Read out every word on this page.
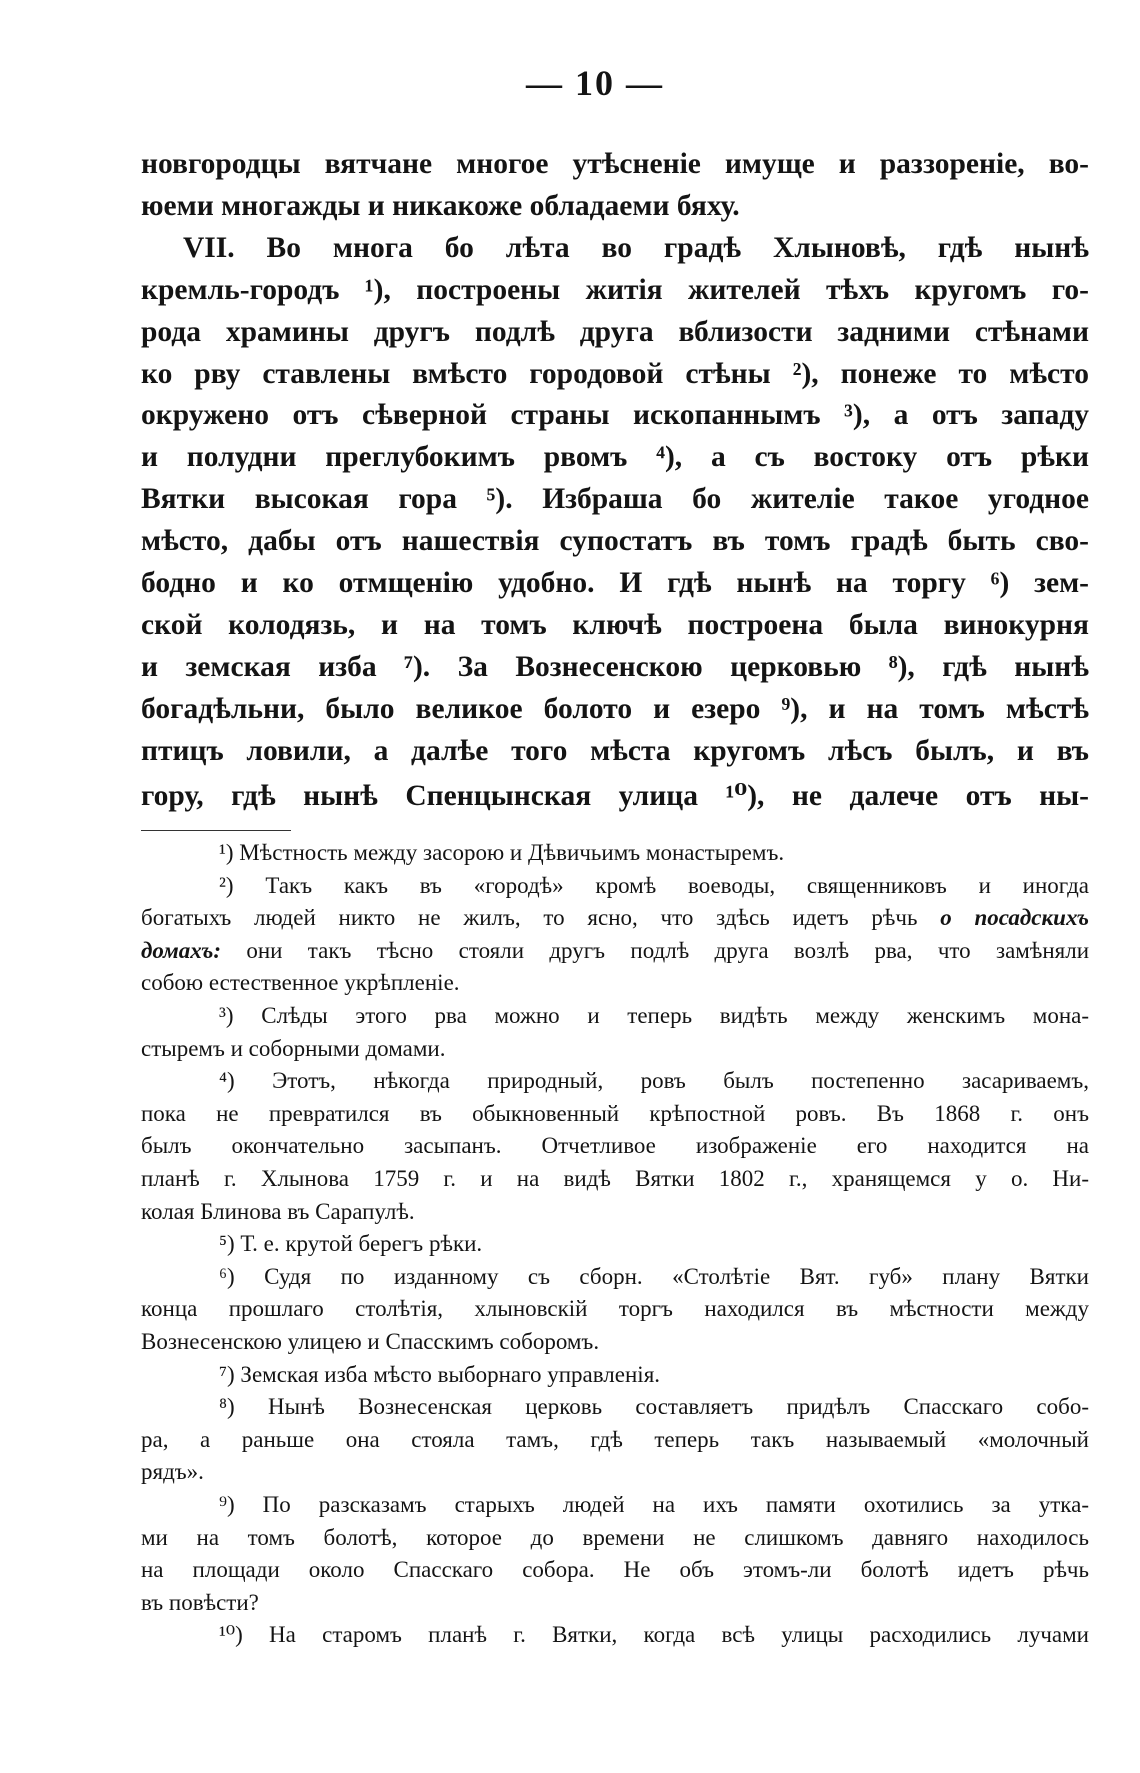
— 10 —
новгородцы вятчане многое утѣсненіе имуще и раззореніе, во-
юеми многажды и никакоже обладаеми бяху.
VII. Во многа бо лѣта во градѣ Хлыновѣ, гдѣ нынѣ
кремль-городъ ¹), построены житія жителей тѣхъ кругомъ го-
рода храмины другъ подлѣ друга вблизости задними стѣнами
ко рву ставлены вмѣсто городовой стѣны ²), понеже то мѣсто
окружено отъ сѣверной страны ископаннымъ ³), а отъ западу
и полудни преглубокимъ рвомъ ⁴), а съ востоку отъ рѣки
Вятки высокая гора ⁵). Избраша бо жителіе такое угодное
мѣсто, дабы отъ нашествія супостатъ въ томъ градѣ быть сво-
бодно и ко отмщенію удобно. И гдѣ нынѣ на торгу ⁶) зем-
ской колодязь, и на томъ ключѣ построена была винокурня
и земская изба ⁷). За Вознесенскою церковью ⁸), гдѣ нынѣ
богадѣльни, было великое болото и езеро ⁹), и на томъ мѣстѣ
птицъ ловили, а далѣе того мѣста кругомъ лѣсъ былъ, и въ
гору, гдѣ нынѣ Спенцынская улица ¹⁰), не далече отъ ны-
¹) Мѣстность между засорою и Дѣвичьимъ монастыремъ.
²) Такъ какъ въ «городѣ» кромѣ воеводы, священниковъ и иногда
богатыхъ людей никто не жилъ, то ясно, что здѣсь идетъ рѣчь о посадскихъ
домахъ: они такъ тѣсно стояли другъ подлѣ друга возлѣ рва, что замѣняли
собою естественное укрѣпленіе.
³) Слѣды этого рва можно и теперь видѣть между женскимъ мона-
стыремъ и соборными домами.
⁴) Этотъ, нѣкогда природный, ровъ былъ постепенно засариваемъ,
пока не превратился въ обыкновенный крѣпостной ровъ. Въ 1868 г. онъ
былъ окончательно засыпанъ. Отчетливое изображеніе его находится на
планѣ г. Хлынова 1759 г. и на видѣ Вятки 1802 г., хранящемся у о. Ни-
колая Блинова въ Сарапулѣ.
⁵) Т. е. крутой берегъ рѣки.
⁶) Судя по изданному съ сборн. «Столѣтіе Вят. губ» плану Вятки
конца прошлаго столѣтія, хлыновскій торгъ находился въ мѣстности между
Вознесенскою улицею и Спасскимъ соборомъ.
⁷) Земская изба мѣсто выборнаго управленія.
⁸) Нынѣ Вознесенская церковь составляетъ придѣлъ Спасскаго собо-
ра, а раньше она стояла тамъ, гдѣ теперь такъ называемый «молочный
рядъ».
⁹) По разсказамъ старыхъ людей на ихъ памяти охотились за утка-
ми на томъ болотѣ, которое до времени не слишкомъ давняго находилось
на площади около Спасскаго собора. Не объ этомъ-ли болотѣ идетъ рѣчь
въ повѣсти?
¹⁰) На старомъ планѣ г. Вятки, когда всѣ улицы расходились лучами
